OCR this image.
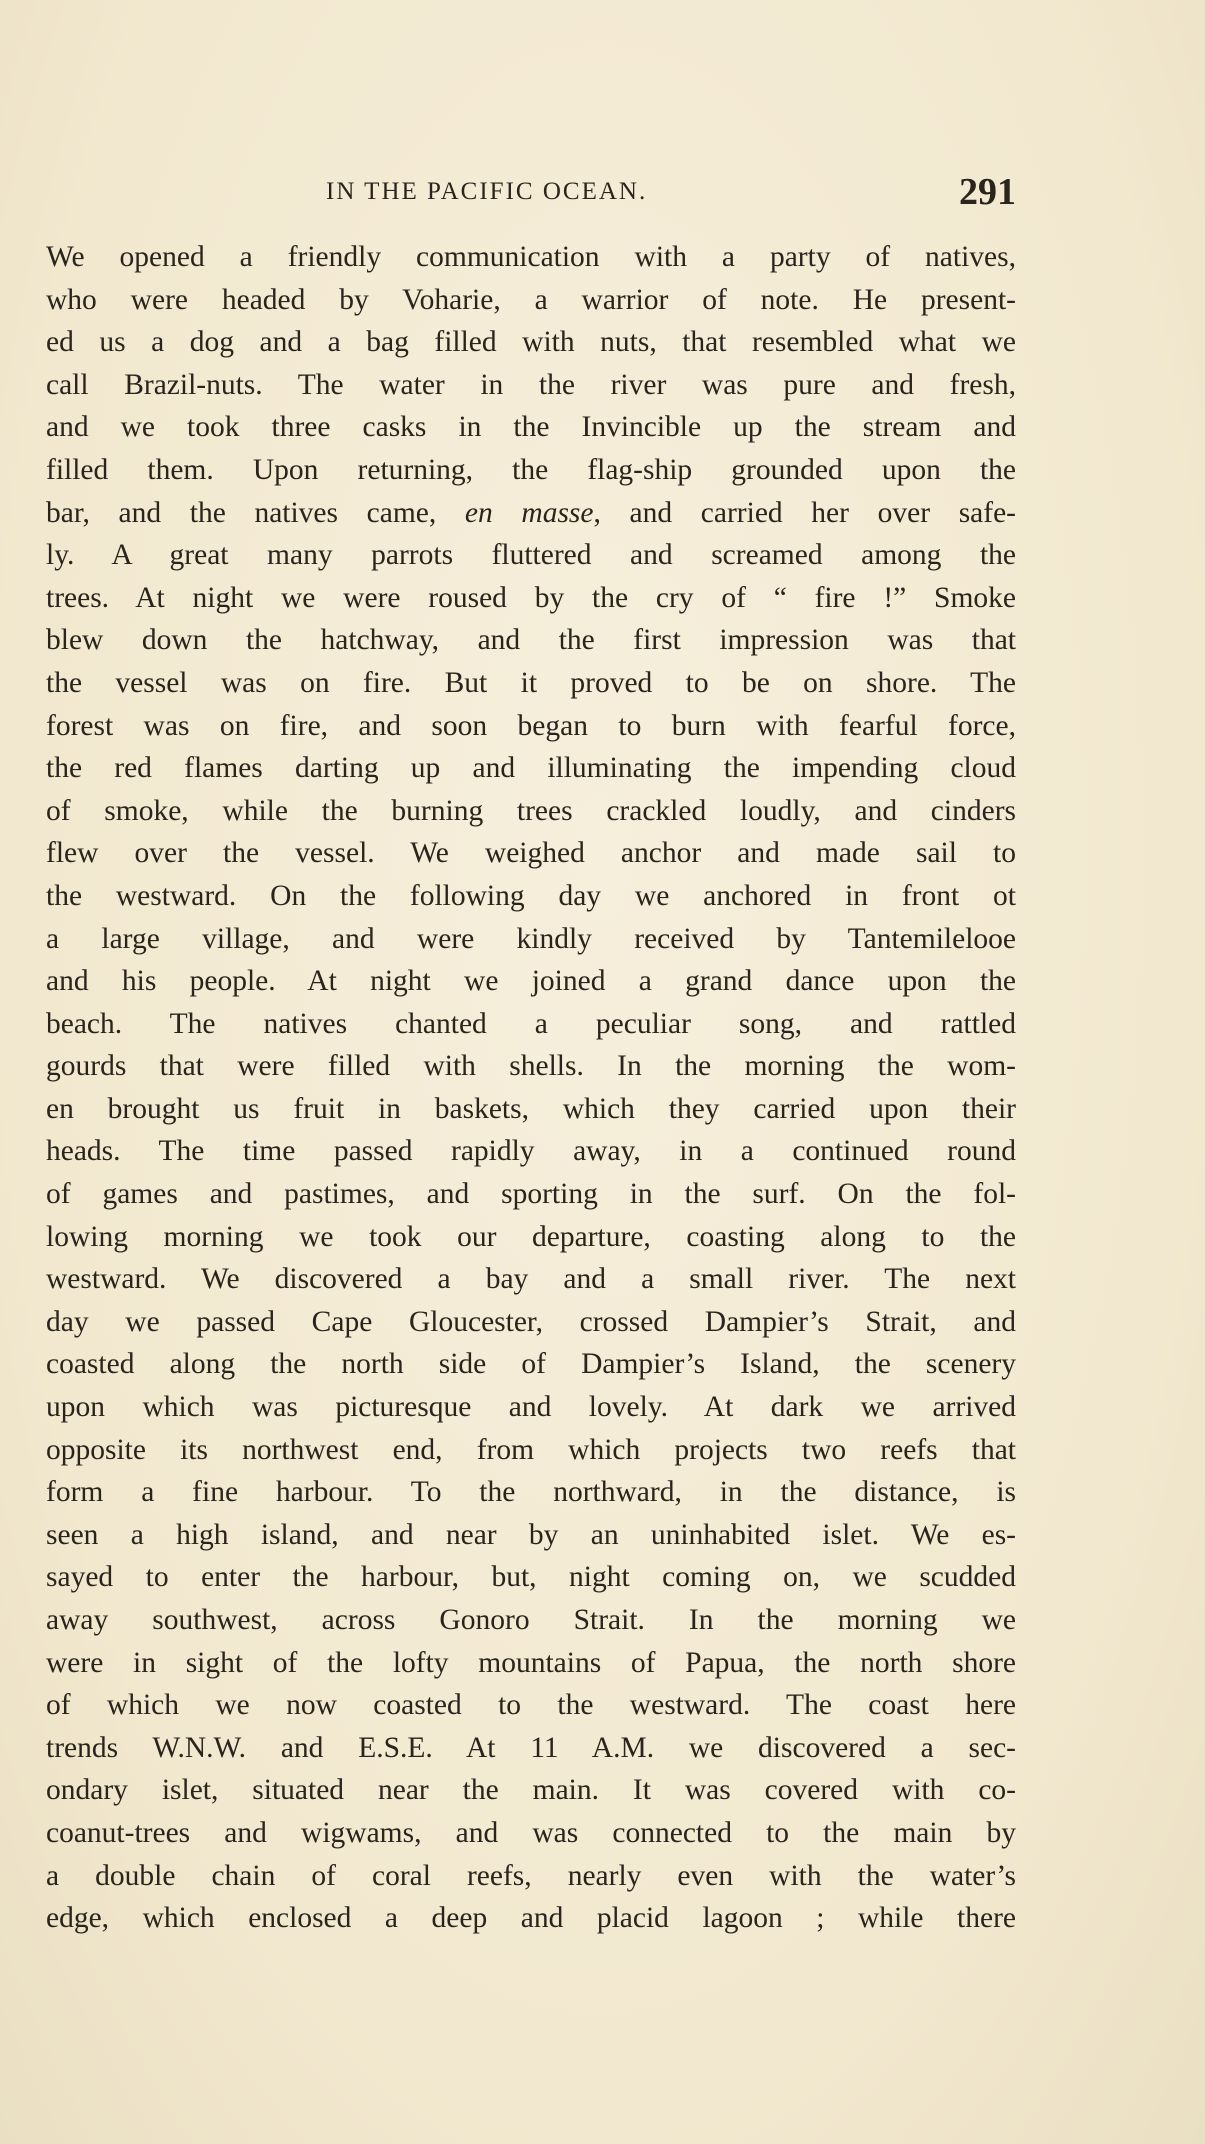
IN THE PACIFIC OCEAN.	291
We opened a friendly communication with a party of natives,
who were headed by Voharie, a warrior of note. He present-
ed us a dog and a bag filled with nuts, that resembled what we
call Brazil-nuts. The water in the river was pure and fresh,
and we took three casks in the Invincible up the stream and
filled them. Upon returning, the flag-ship grounded upon the
bar, and the natives came, en masse, and carried her over safe-
ly. A great many parrots fluttered and screamed among the
trees. At night we were roused by the cry of “ fire !” Smoke
blew down the hatchway, and the first impression was that
the vessel was on fire. But it proved to be on shore. The
forest was on fire, and soon began to burn with fearful force,
the red flames darting up and illuminating the impending cloud
of smoke, while the burning trees crackled loudly, and cinders
flew over the vessel. We weighed anchor and made sail to
the westward. On the following day we anchored in front ot
a large village, and were kindly received by Tantemilelooe
and his people. At night we joined a grand dance upon the
beach. The natives chanted a peculiar song, and rattled
gourds that were filled with shells. In the morning the wom-
en brought us fruit in baskets, which they carried upon their
heads. The time passed rapidly away, in a continued round
of games and pastimes, and sporting in the surf. On the fol-
lowing morning we took our departure, coasting along to the
westward. We discovered a bay and a small river. The next
day we passed Cape Gloucester, crossed Dampier’s Strait, and
coasted along the north side of Dampier’s Island, the scenery
upon which was picturesque and lovely. At dark we arrived
opposite its northwest end, from which projects two reefs that
form a fine harbour. To the northward, in the distance, is
seen a high island, and near by an uninhabited islet. We es-
sayed to enter the harbour, but, night coming on, we scudded
away southwest, across Gonoro Strait. In the morning we
were in sight of the lofty mountains of Papua, the north shore
of which we now coasted to the westward. The coast here
trends W.N.W. and E.S.E. At 11 A.M. we discovered a sec-
ondary islet, situated near the main. It was covered with co-
coanut-trees and wigwams, and was connected to the main by
a double chain of coral reefs, nearly even with the water’s
edge, which enclosed a deep and placid lagoon ; while there
